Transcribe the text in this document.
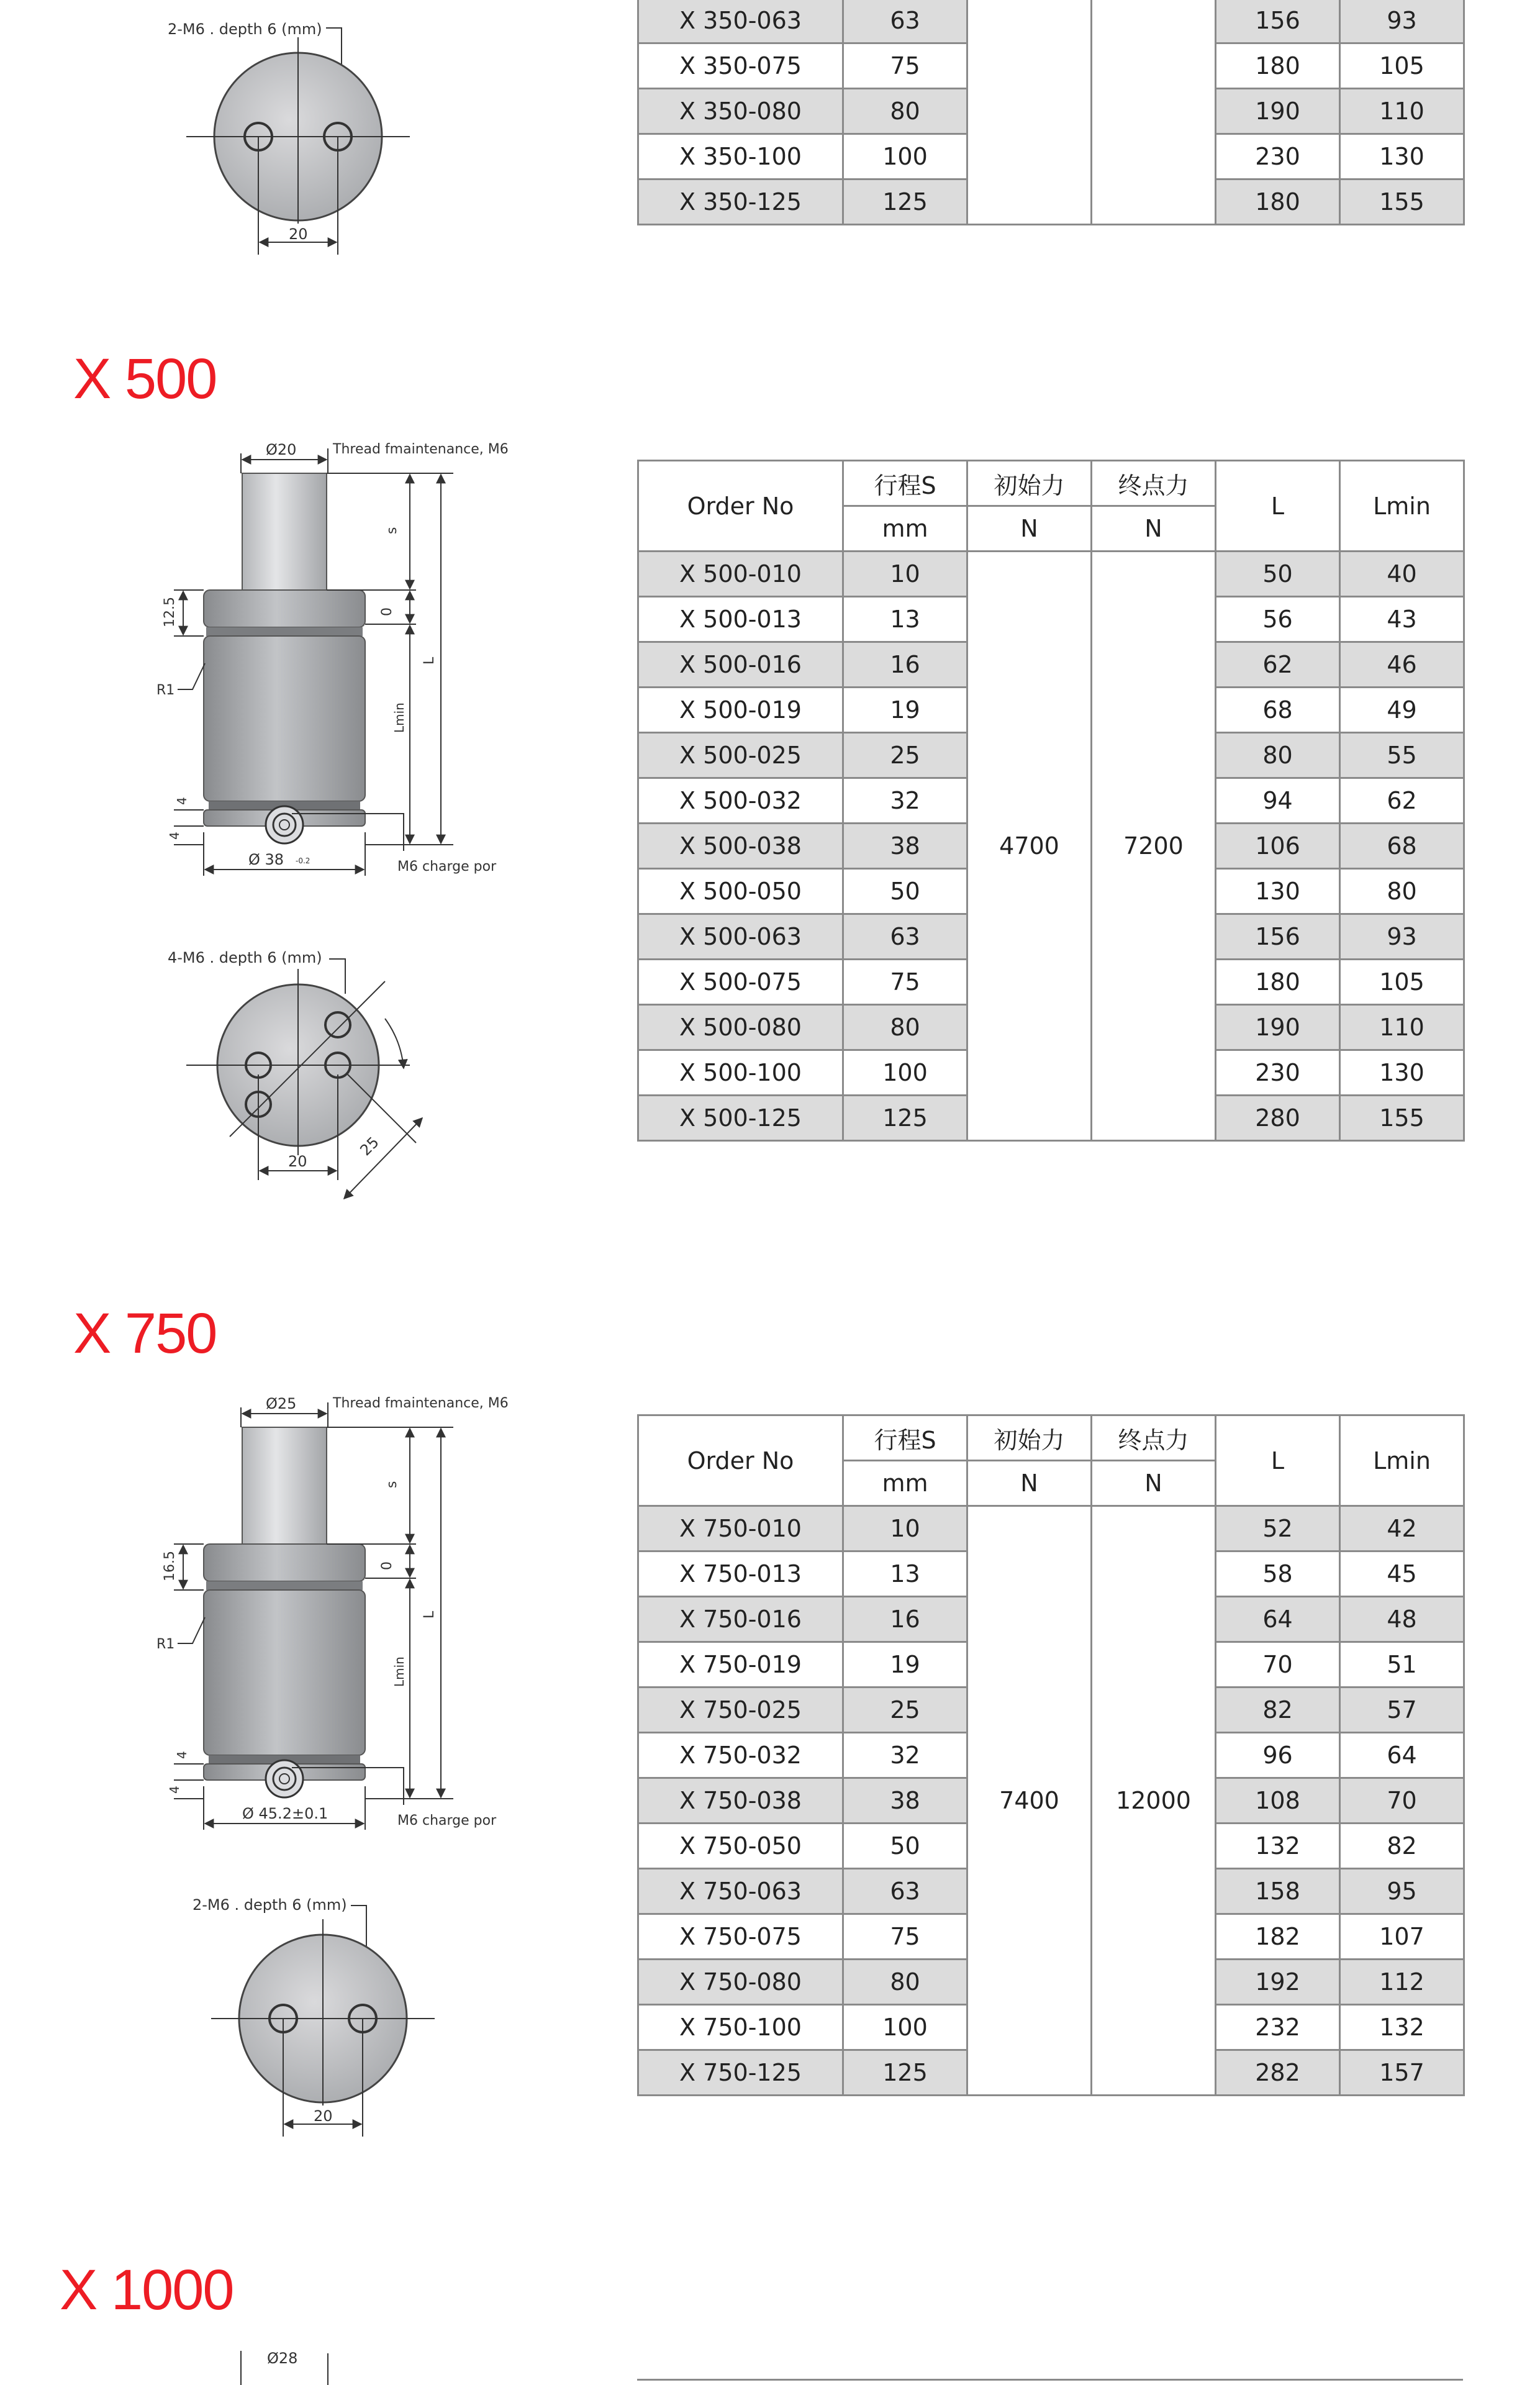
2-M6 . depth 6 (mm)
20
X 350-063	63			156	93
X 350-075	75			180	105
X 350-080	80			190	110
X 350-100	100			230	130
X 350-125	125			180	155
X 500
Ø20	Thread fmaintenance, M6
s
0
L
Lmin
12.5
R1
4
4
Ø 38 -0.2	M6 charge por
4-M6 . depth 6 (mm)
20
25
Order No	行程S	初始力	终点力	L	Lmin
	mm	N	N		
X 500-010	10	4700	7200	50	40
X 500-013	13			56	43
X 500-016	16			62	46
X 500-019	19			68	49
X 500-025	25			80	55
X 500-032	32			94	62
X 500-038	38			106	68
X 500-050	50			130	80
X 500-063	63			156	93
X 500-075	75			180	105
X 500-080	80			190	110
X 500-100	100			230	130
X 500-125	125			280	155
X 750
Ø25	Thread fmaintenance, M6
s
0
L
Lmin
16.5
R1
4
4
Ø 45.2±0.1	M6 charge por
2-M6 . depth 6 (mm)
20
Order No	行程S	初始力	终点力	L	Lmin
	mm	N	N		
X 750-010	10	7400	12000	52	42
X 750-013	13			58	45
X 750-016	16			64	48
X 750-019	19			70	51
X 750-025	25			82	57
X 750-032	32			96	64
X 750-038	38			108	70
X 750-050	50			132	82
X 750-063	63			158	95
X 750-075	75			182	107
X 750-080	80			192	112
X 750-100	100			232	132
X 750-125	125			282	157
X 1000
Ø28
